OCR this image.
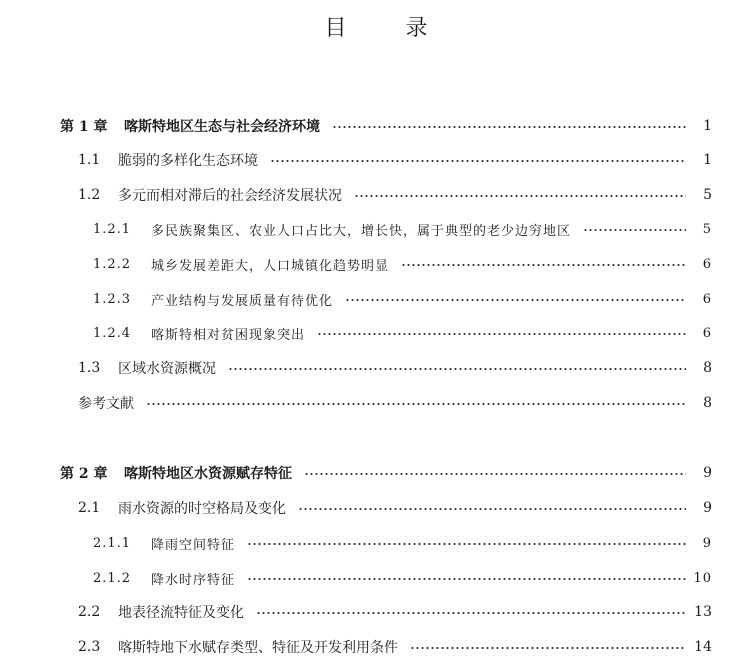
目 录
第 1 章	喀斯特地区生态与社会经济环境	1
1.1	脆弱的多样化生态环境	1
1.2	多元而相对滞后的社会经济发展状况	5
1.2.1	多民族聚集区、农业人口占比大，增长快，属于典型的老少边穷地区	5
1.2.2	城乡发展差距大，人口城镇化趋势明显	6
1.2.3	产业结构与发展质量有待优化	6
1.2.4	喀斯特相对贫困现象突出	6
1.3	区域水资源概况	8
参考文献	8
第 2 章	喀斯特地区水资源赋存特征	9
2.1	雨水资源的时空格局及变化	9
2.1.1	降雨空间特征	9
2.1.2	降水时序特征	10
2.2	地表径流特征及变化	13
2.3	喀斯特地下水赋存类型、特征及开发利用条件	14
